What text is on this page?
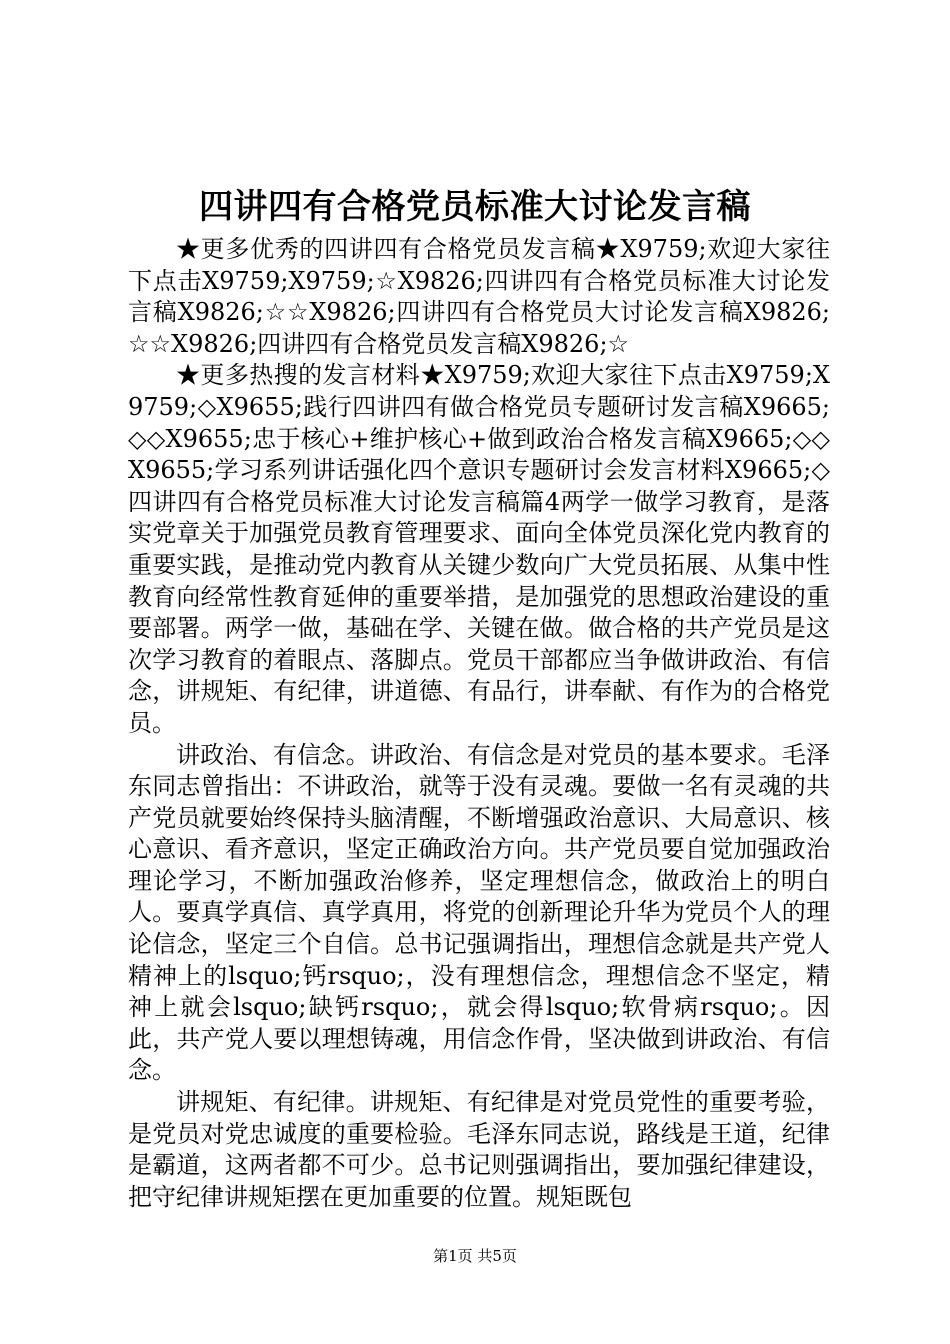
四讲四有合格党员标准大讨论发言稿

★更多优秀的四讲四有合格党员发言稿★X9759;欢迎大家往下点击X9759;X9759;☆X9826;四讲四有合格党员标准大讨论发言稿X9826;☆☆X9826;四讲四有合格党员大讨论发言稿X9826;☆☆X9826;四讲四有合格党员发言稿X9826;☆

★更多热搜的发言材料★X9759;欢迎大家往下点击X9759;X9759;◇X9655;践行四讲四有做合格党员专题研讨发言稿X9665;◇◇X9655;忠于核心+维护核心+做到政治合格发言稿X9665;◇◇X9655;学习系列讲话强化四个意识专题研讨会发言材料X9665;◇四讲四有合格党员标准大讨论发言稿篇4两学一做学习教育，是落实党章关于加强党员教育管理要求、面向全体党员深化党内教育的重要实践，是推动党内教育从关键少数向广大党员拓展、从集中性教育向经常性教育延伸的重要举措，是加强党的思想政治建设的重要部署。两学一做，基础在学、关键在做。做合格的共产党员是这次学习教育的着眼点、落脚点。党员干部都应当争做讲政治、有信念，讲规矩、有纪律，讲道德、有品行，讲奉献、有作为的合格党员。

讲政治、有信念。讲政治、有信念是对党员的基本要求。毛泽东同志曾指出：不讲政治，就等于没有灵魂。要做一名有灵魂的共产党员就要始终保持头脑清醒，不断增强政治意识、大局意识、核心意识、看齐意识，坚定正确政治方向。共产党员要自觉加强政治理论学习，不断加强政治修养，坚定理想信念，做政治上的明白人。要真学真信、真学真用，将党的创新理论升华为党员个人的理论信念，坚定三个自信。总书记强调指出，理想信念就是共产党人精神上的lsquo;钙rsquo;，没有理想信念，理想信念不坚定，精神上就会lsquo;缺钙rsquo;，就会得lsquo;软骨病rsquo;。因此，共产党人要以理想铸魂，用信念作骨，坚决做到讲政治、有信念。

讲规矩、有纪律。讲规矩、有纪律是对党员党性的重要考验，是党员对党忠诚度的重要检验。毛泽东同志说，路线是王道，纪律是霸道，这两者都不可少。总书记则强调指出，要加强纪律建设，把守纪律讲规矩摆在更加重要的位置。规矩既包

第1页 共5页
